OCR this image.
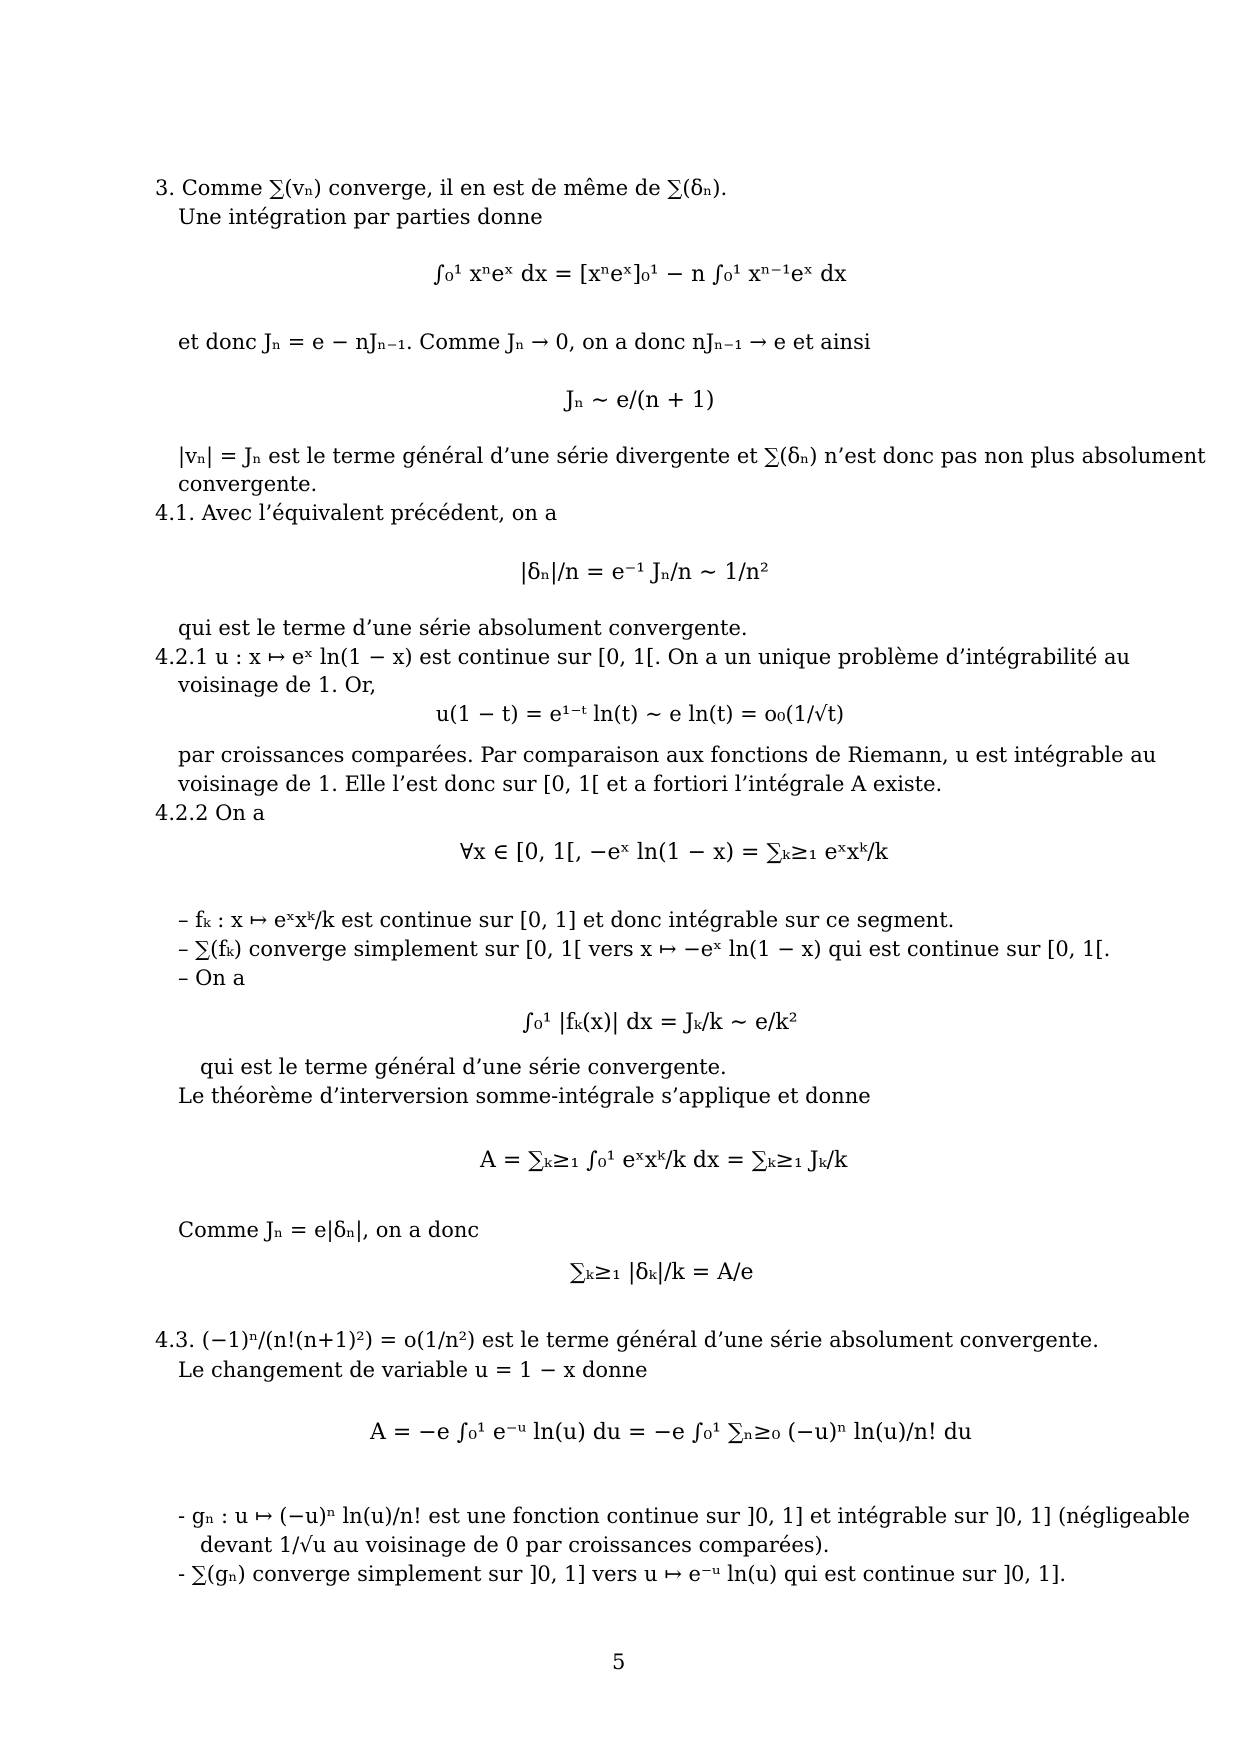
3. Comme ∑(vₙ) converge, il en est de même de ∑(δₙ).
Une intégration par parties donne
∫₀¹ xⁿeˣ dx = [xⁿeˣ]₀¹ − n ∫₀¹ xⁿ⁻¹eˣ dx
et donc Jₙ = e − nJₙ₋₁. Comme Jₙ → 0, on a donc nJₙ₋₁ → e et ainsi
Jₙ ∼ e/(n + 1)
|vₙ| = Jₙ est le terme général d’une série divergente et ∑(δₙ) n’est donc pas non plus absolument
convergente.
4.1. Avec l’équivalent précédent, on a
|δₙ|/n = e⁻¹ Jₙ/n ∼ 1/n²
qui est le terme d’une série absolument convergente.
4.2.1 u : x ↦ eˣ ln(1 − x) est continue sur [0, 1[. On a un unique problème d’intégrabilité au
voisinage de 1. Or,
u(1 − t) = e¹⁻ᵗ ln(t) ∼ e ln(t) = o₀(1/√t)
par croissances comparées. Par comparaison aux fonctions de Riemann, u est intégrable au
voisinage de 1. Elle l’est donc sur [0, 1[ et a fortiori l’intégrale A existe.
4.2.2 On a
∀x ∈ [0, 1[, −eˣ ln(1 − x) = ∑ₖ≥₁ eˣxᵏ/k
– fₖ : x ↦ eˣxᵏ/k est continue sur [0, 1] et donc intégrable sur ce segment.
– ∑(fₖ) converge simplement sur [0, 1[ vers x ↦ −eˣ ln(1 − x) qui est continue sur [0, 1[.
– On a
∫₀¹ |fₖ(x)| dx = Jₖ/k ∼ e/k²
qui est le terme général d’une série convergente.
Le théorème d’interversion somme-intégrale s’applique et donne
A = ∑ₖ≥₁ ∫₀¹ eˣxᵏ/k dx = ∑ₖ≥₁ Jₖ/k
Comme Jₙ = e|δₙ|, on a donc
∑ₖ≥₁ |δₖ|/k = A/e
4.3. (−1)ⁿ/(n!(n+1)²) = o(1/n²) est le terme général d’une série absolument convergente.
Le changement de variable u = 1 − x donne
A = −e ∫₀¹ e⁻ᵘ ln(u) du = −e ∫₀¹ ∑ₙ≥₀ (−u)ⁿ ln(u)/n! du
- gₙ : u ↦ (−u)ⁿ ln(u)/n! est une fonction continue sur ]0, 1] et intégrable sur ]0, 1] (négligeable
devant 1/√u au voisinage de 0 par croissances comparées).
- ∑(gₙ) converge simplement sur ]0, 1] vers u ↦ e⁻ᵘ ln(u) qui est continue sur ]0, 1].
5
